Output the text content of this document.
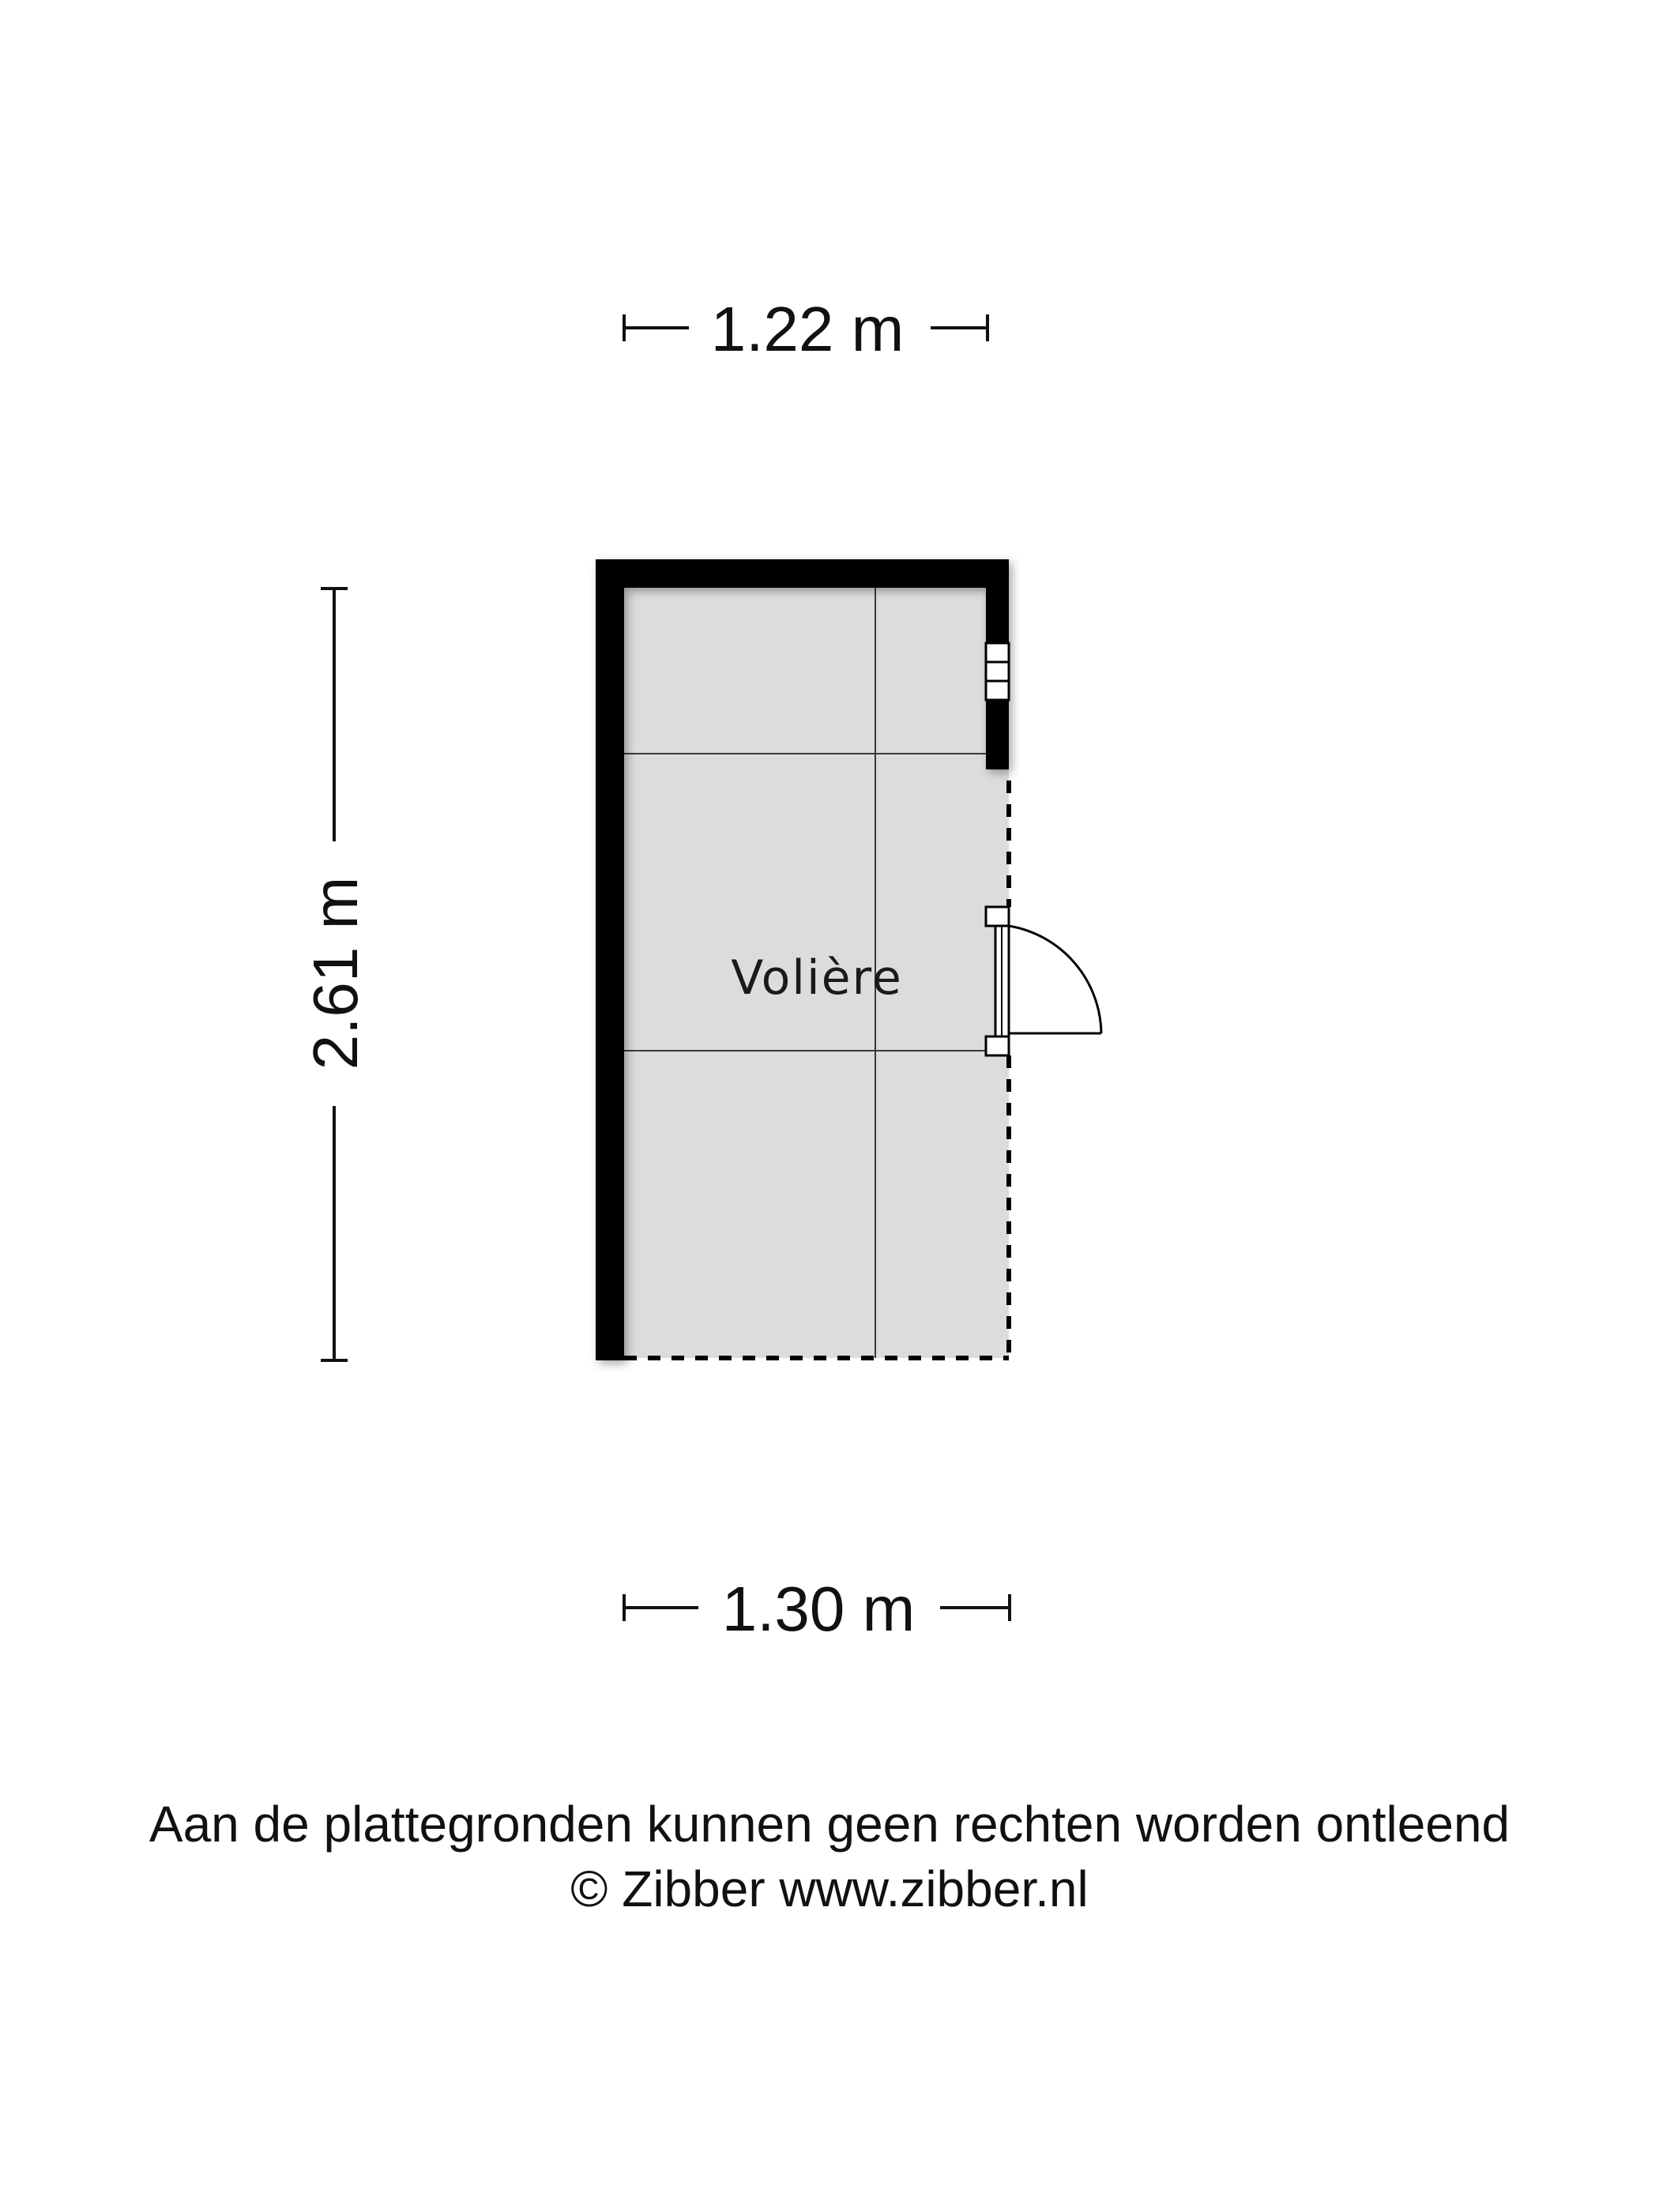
1.22 m
2.61 m
1.30 m
Volière
Aan de plattegronden kunnen geen rechten worden ontleend
© Zibber www.zibber.nl
